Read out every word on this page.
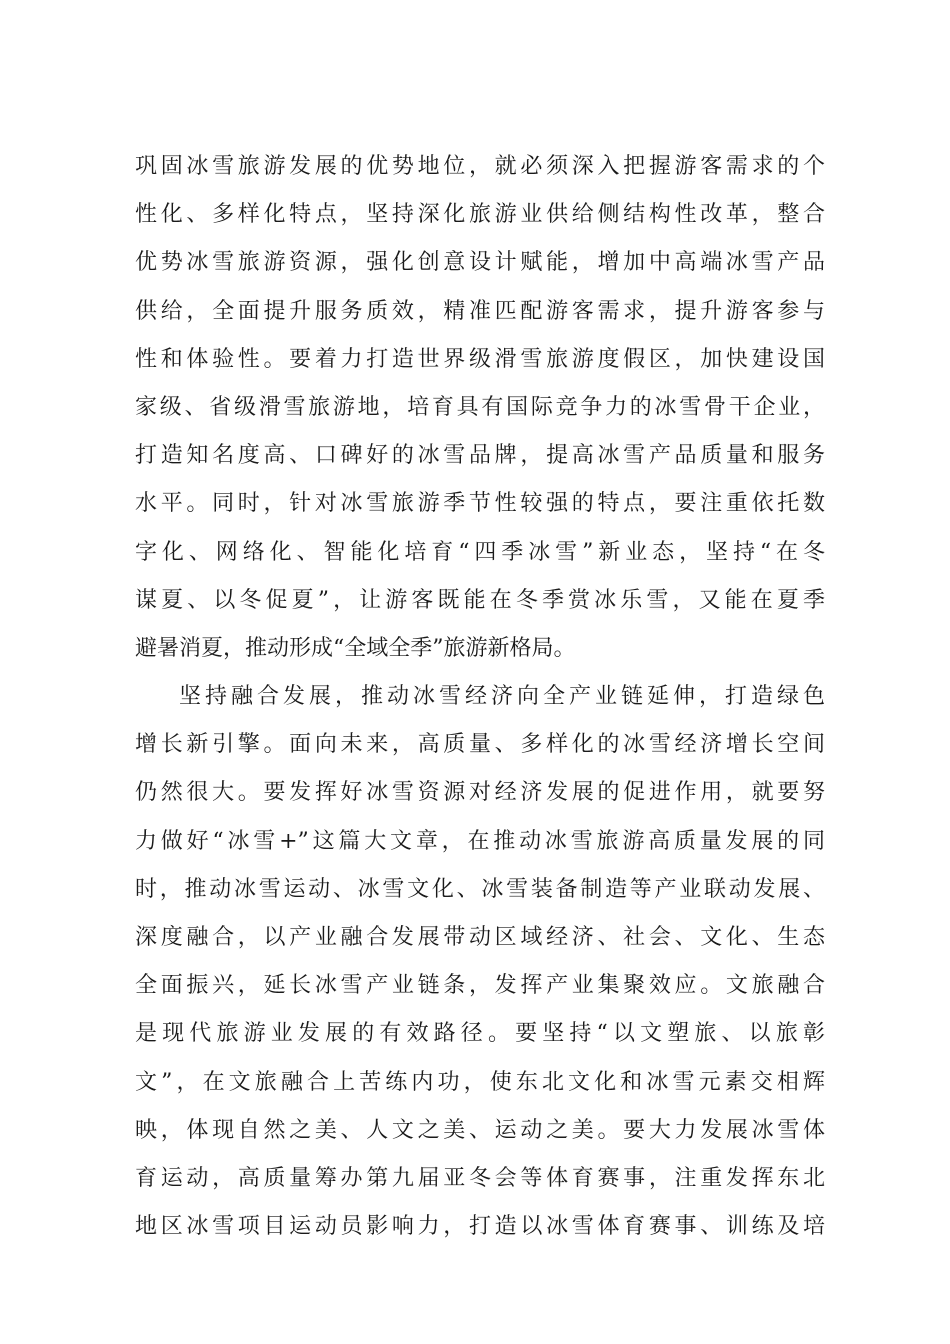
巩固冰雪旅游发展的优势地位，就必须深入把握游客需求的个
性化、多样化特点，坚持深化旅游业供给侧结构性改革，整合
优势冰雪旅游资源，强化创意设计赋能，增加中高端冰雪产品
供给，全面提升服务质效，精准匹配游客需求，提升游客参与
性和体验性。要着力打造世界级滑雪旅游度假区，加快建设国
家级、省级滑雪旅游地，培育具有国际竞争力的冰雪骨干企业，
打造知名度高、口碑好的冰雪品牌，提高冰雪产品质量和服务
水平。同时，针对冰雪旅游季节性较强的特点，要注重依托数
字化、网络化、智能化培育“四季冰雪”新业态，坚持“在冬
谋夏、以冬促夏”，让游客既能在冬季赏冰乐雪，又能在夏季
避暑消夏，推动形成“全域全季”旅游新格局。
坚持融合发展，推动冰雪经济向全产业链延伸，打造绿色
增长新引擎。面向未来，高质量、多样化的冰雪经济增长空间
仍然很大。要发挥好冰雪资源对经济发展的促进作用，就要努
力做好“冰雪+”这篇大文章，在推动冰雪旅游高质量发展的同
时，推动冰雪运动、冰雪文化、冰雪装备制造等产业联动发展、
深度融合，以产业融合发展带动区域经济、社会、文化、生态
全面振兴，延长冰雪产业链条，发挥产业集聚效应。文旅融合
是现代旅游业发展的有效路径。要坚持“以文塑旅、以旅彰
文”，在文旅融合上苦练内功，使东北文化和冰雪元素交相辉
映，体现自然之美、人文之美、运动之美。要大力发展冰雪体
育运动，高质量筹办第九届亚冬会等体育赛事，注重发挥东北
地区冰雪项目运动员影响力，打造以冰雪体育赛事、训练及培
